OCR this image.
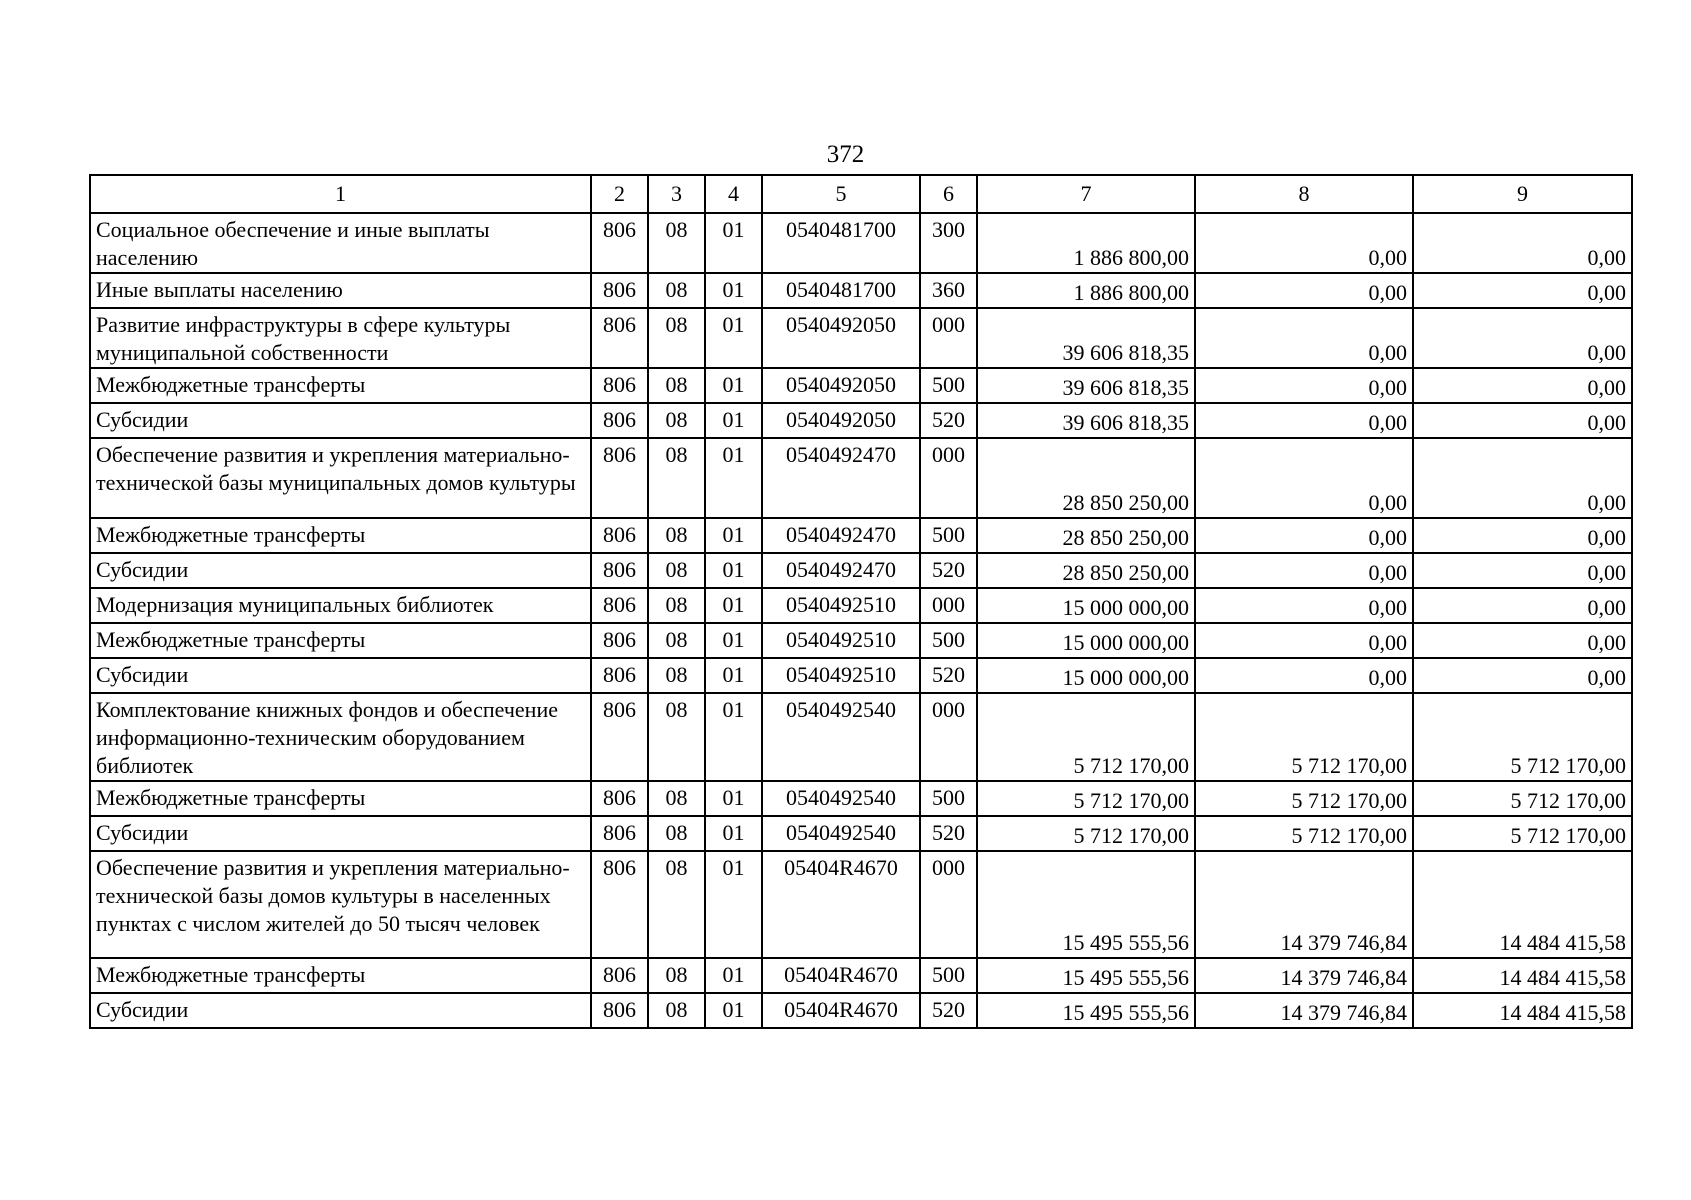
372
1	2	3	4	5	6	7	8	9
Социальное обеспечение и иные выплаты населению	806	08	01	0540481700	300	1 886 800,00	0,00	0,00
Иные выплаты населению	806	08	01	0540481700	360	1 886 800,00	0,00	0,00
Развитие инфраструктуры в сфере культуры муниципальной собственности	806	08	01	0540492050	000	39 606 818,35	0,00	0,00
Межбюджетные трансферты	806	08	01	0540492050	500	39 606 818,35	0,00	0,00
Субсидии	806	08	01	0540492050	520	39 606 818,35	0,00	0,00
Обеспечение развития и укрепления материально-технической базы муниципальных домов культуры	806	08	01	0540492470	000	28 850 250,00	0,00	0,00
Межбюджетные трансферты	806	08	01	0540492470	500	28 850 250,00	0,00	0,00
Субсидии	806	08	01	0540492470	520	28 850 250,00	0,00	0,00
Модернизация муниципальных библиотек	806	08	01	0540492510	000	15 000 000,00	0,00	0,00
Межбюджетные трансферты	806	08	01	0540492510	500	15 000 000,00	0,00	0,00
Субсидии	806	08	01	0540492510	520	15 000 000,00	0,00	0,00
Комплектование книжных фондов и обеспечение информационно-техническим оборудованием библиотек	806	08	01	0540492540	000	5 712 170,00	5 712 170,00	5 712 170,00
Межбюджетные трансферты	806	08	01	0540492540	500	5 712 170,00	5 712 170,00	5 712 170,00
Субсидии	806	08	01	0540492540	520	5 712 170,00	5 712 170,00	5 712 170,00
Обеспечение развития и укрепления материально-технической базы домов культуры в населенных пунктах с числом жителей до 50 тысяч человек	806	08	01	05404R4670	000	15 495 555,56	14 379 746,84	14 484 415,58
Межбюджетные трансферты	806	08	01	05404R4670	500	15 495 555,56	14 379 746,84	14 484 415,58
Субсидии	806	08	01	05404R4670	520	15 495 555,56	14 379 746,84	14 484 415,58
